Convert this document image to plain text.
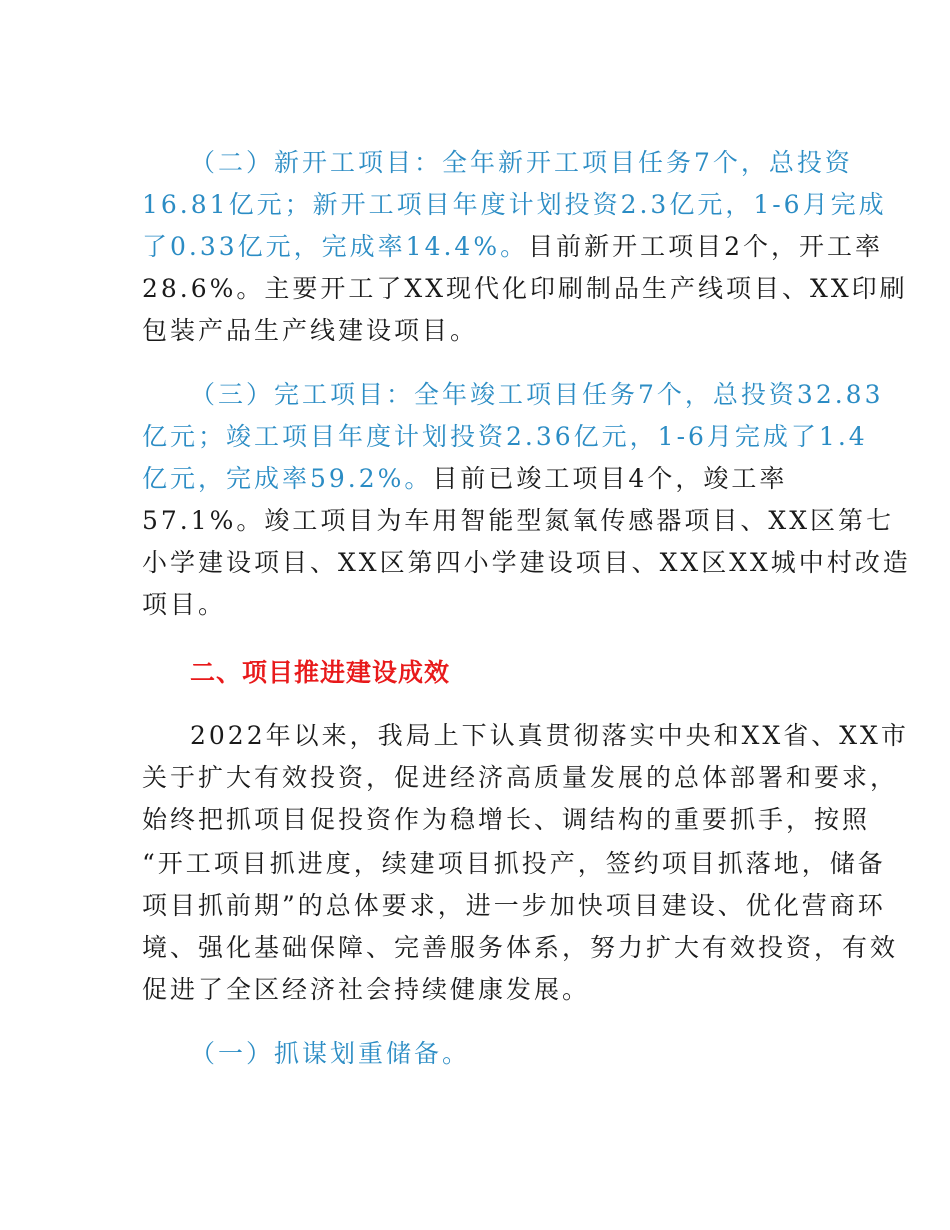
（二）新开工项目：全年新开工项目任务7个，总投资
16.81亿元；新开工项目年度计划投资2.3亿元，1-6月完成
了0.33亿元，完成率14.4%。目前新开工项目2个，开工率
28.6%。主要开工了XX现代化印刷制品生产线项目、XX印刷
包装产品生产线建设项目。
（三）完工项目：全年竣工项目任务7个，总投资32.83
亿元；竣工项目年度计划投资2.36亿元，1-6月完成了1.4
亿元，完成率59.2%。目前已竣工项目4个，竣工率
57.1%。竣工项目为车用智能型氮氧传感器项目、XX区第七
小学建设项目、XX区第四小学建设项目、XX区XX城中村改造
项目。
二、项目推进建设成效
2022年以来，我局上下认真贯彻落实中央和XX省、XX市
关于扩大有效投资，促进经济高质量发展的总体部署和要求，
始终把抓项目促投资作为稳增长、调结构的重要抓手，按照
“开工项目抓进度，续建项目抓投产，签约项目抓落地，储备
项目抓前期”的总体要求，进一步加快项目建设、优化营商环
境、强化基础保障、完善服务体系，努力扩大有效投资，有效
促进了全区经济社会持续健康发展。
（一）抓谋划重储备。
